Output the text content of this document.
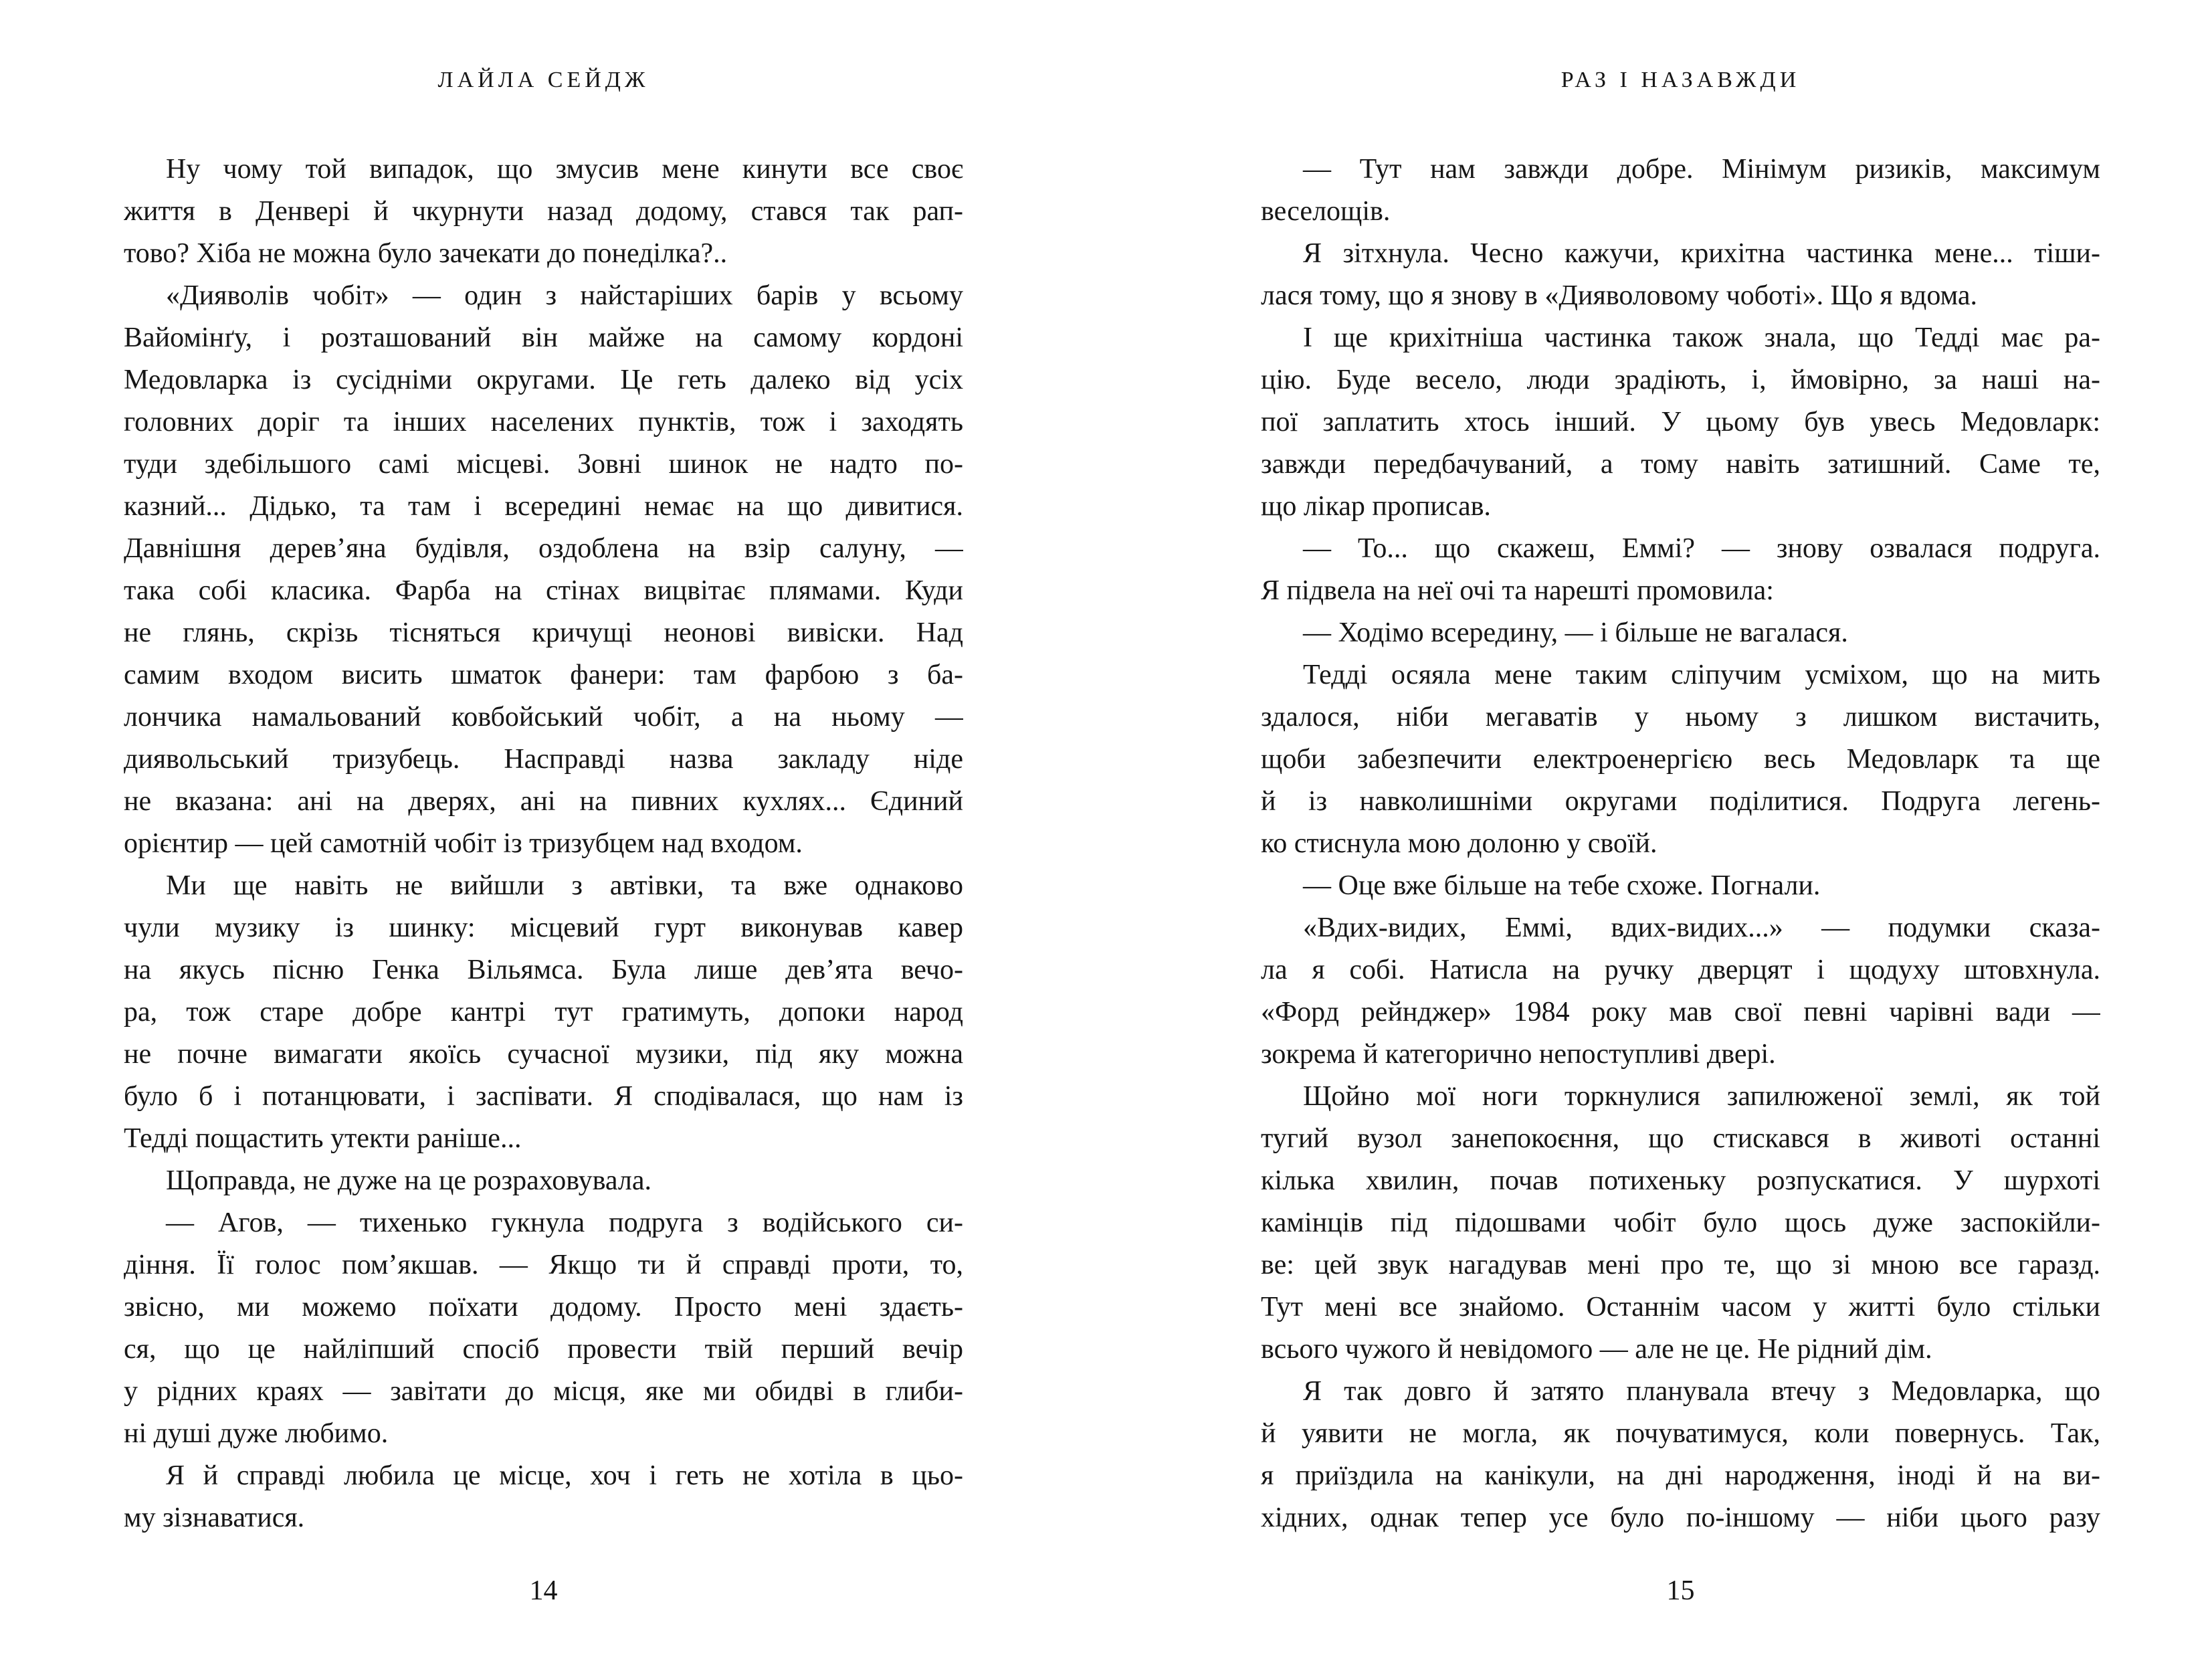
ЛАЙЛА СЕЙДЖ
Ну чому той випадок, що змусив мене кинути все своє
життя в Денвері й чкурнути назад додому, стався так рап-
тово? Хіба не можна було зачекати до понеділка?..
«Дияволів чобіт» — один з найстаріших барів у всьому
Вайомінґу, і розташований він майже на самому кордоні
Медовларка із сусідніми округами. Це геть далеко від усіх
головних доріг та інших населених пунктів, тож і заходять
туди здебільшого самі місцеві. Зовні шинок не надто по-
казний... Дідько, та там і всередині немає на що дивитися.
Давнішня дерев’яна будівля, оздоблена на взір салуну, —
така собі класика. Фарба на стінах вицвітає плямами. Куди
не глянь, скрізь тісняться кричущі неонові вивіски. Над
самим входом висить шматок фанери: там фарбою з ба-
лончика намальований ковбойський чобіт, а на ньому —
диявольський тризубець. Насправді назва закладу ніде
не вказана: ані на дверях, ані на пивних кухлях... Єдиний
орієнтир — цей самотній чобіт із тризубцем над входом.
Ми ще навіть не вийшли з автівки, та вже однаково
чули музику із шинку: місцевий гурт виконував кавер
на якусь пісню Генка Вільямса. Була лише дев’ята вечо-
ра, тож старе добре кантрі тут гратимуть, допоки народ
не почне вимагати якоїсь сучасної музики, під яку можна
було б і потанцювати, і заспівати. Я сподівалася, що нам із
Тедді пощастить утекти раніше...
Щоправда, не дуже на це розраховувала.
— Агов, — тихенько гукнула подруга з водійського си-
діння. Її голос пом’якшав. — Якщо ти й справді проти, то,
звісно, ми можемо поїхати додому. Просто мені здаєть-
ся, що це найліпший спосіб провести твій перший вечір
у рідних краях — завітати до місця, яке ми обидві в глиби-
ні душі дуже любимо.
Я й справді любила це місце, хоч і геть не хотіла в цьо-
му зізнаватися.
14
РАЗ І НАЗАВЖДИ
— Тут нам завжди добре. Мінімум ризиків, максимум
веселощів.
Я зітхнула. Чесно кажучи, крихітна частинка мене... тіши-
лася тому, що я знову в «Дияволовому чоботі». Що я вдома.
І ще крихітніша частинка також знала, що Тедді має ра-
цію. Буде весело, люди зрадіють, і, ймовірно, за наші на-
пої заплатить хтось інший. У цьому був увесь Медовларк:
завжди передбачуваний, а тому навіть затишний. Саме те,
що лікар прописав.
— То... що скажеш, Еммі? — знову озвалася подруга.
Я підвела на неї очі та нарешті промовила:
— Ходімо всередину, — і більше не вагалася.
Тедді осяяла мене таким сліпучим усміхом, що на мить
здалося, ніби мегаватів у ньому з лишком вистачить,
щоби забезпечити електроенергією весь Медовларк та ще
й із навколишніми округами поділитися. Подруга легень-
ко стиснула мою долоню у своїй.
— Оце вже більше на тебе схоже. Погнали.
«Вдих-видих, Еммі, вдих-видих...» — подумки сказа-
ла я собі. Натисла на ручку дверцят і щодуху штовхнула.
«Форд рейнджер» 1984 року мав свої певні чарівні вади —
зокрема й категорично непоступливі двері.
Щойно мої ноги торкнулися запилюженої землі, як той
тугий вузол занепокоєння, що стискався в животі останні
кілька хвилин, почав потихеньку розпускатися. У шурхоті
камінців під підошвами чобіт було щось дуже заспокійли-
ве: цей звук нагадував мені про те, що зі мною все гаразд.
Тут мені все знайомо. Останнім часом у житті було стільки
всього чужого й невідомого — але не це. Не рідний дім.
Я так довго й затято планувала втечу з Медовларка, що
й уявити не могла, як почуватимуся, коли повернусь. Так,
я приїздила на канікули, на дні народження, іноді й на ви-
хідних, однак тепер усе було по-іншому — ніби цього разу
15
